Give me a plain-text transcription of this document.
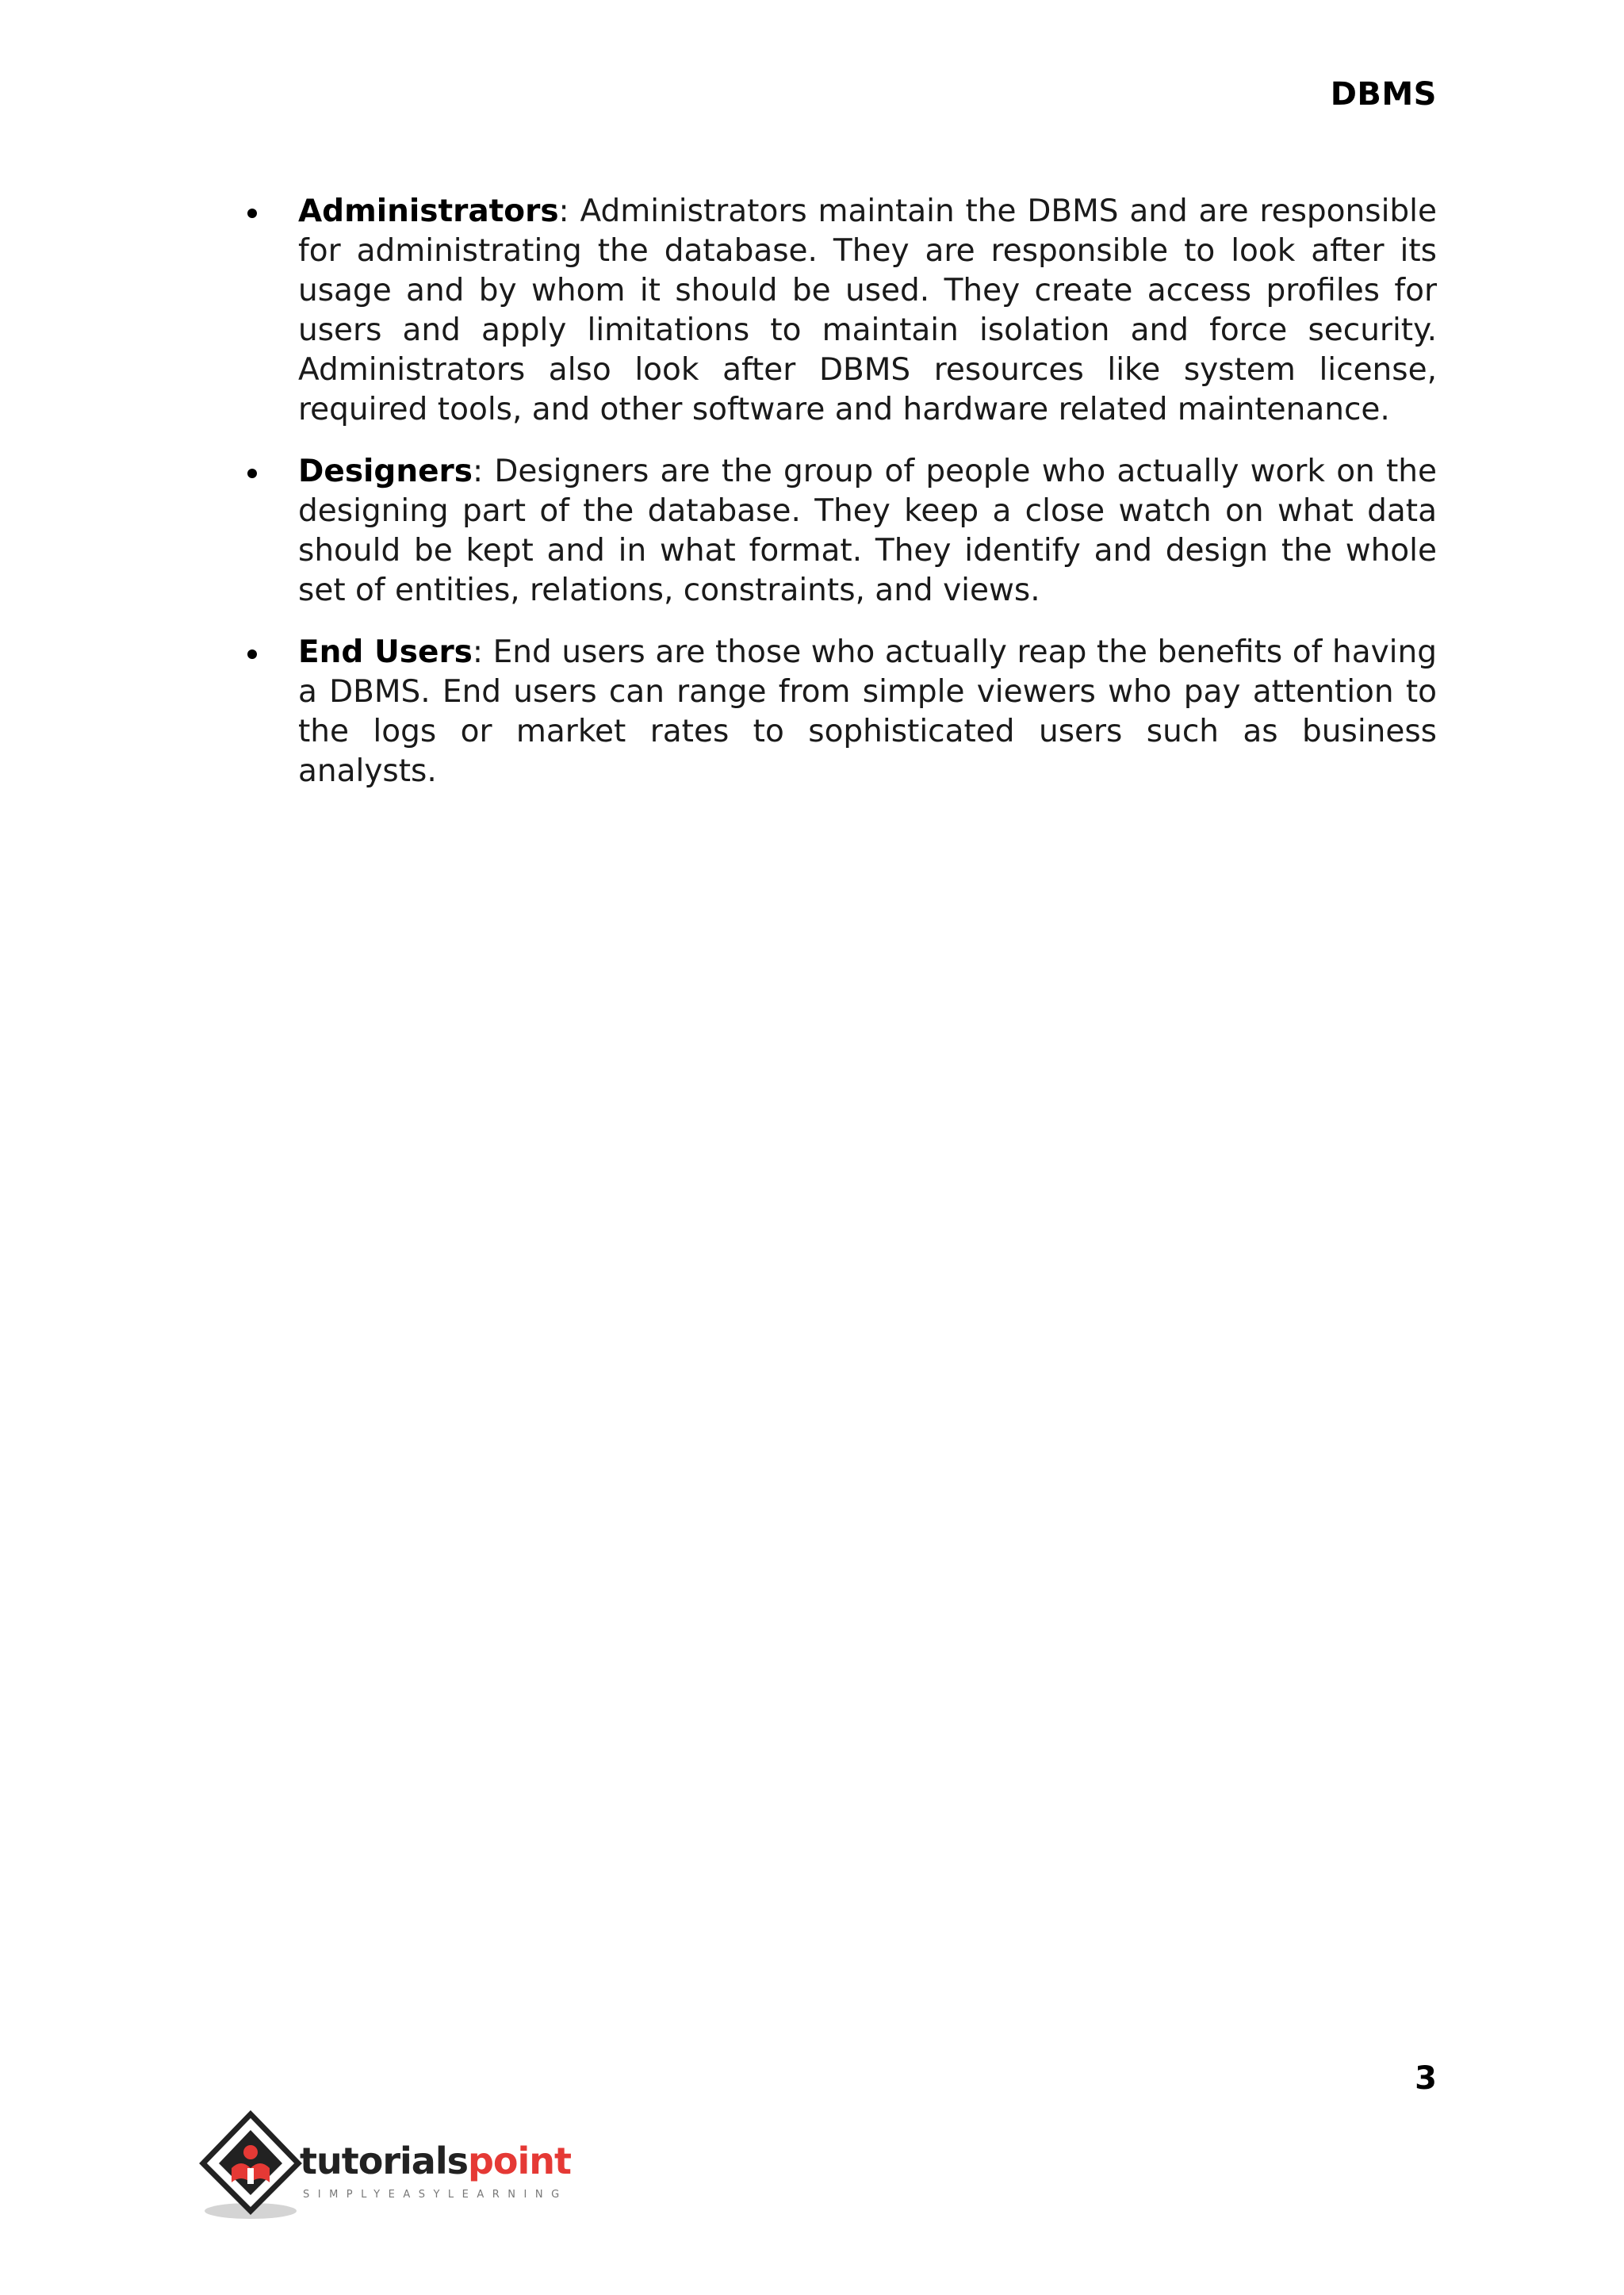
DBMS
Administrators: Administrators maintain the DBMS and are responsible for administrating the database. They are responsible to look after its usage and by whom it should be used. They create access profiles for users and apply limitations to maintain isolation and force security. Administrators also look after DBMS resources like system license, required tools, and other software and hardware related maintenance.
Designers: Designers are the group of people who actually work on the designing part of the database. They keep a close watch on what data should be kept and in what format. They identify and design the whole set of entities, relations, constraints, and views.
End Users: End users are those who actually reap the benefits of having a DBMS. End users can range from simple viewers who pay attention to the logs or market rates to sophisticated users such as business analysts.
3
tutorialspoint
SIMPLYEASYLEARNING
